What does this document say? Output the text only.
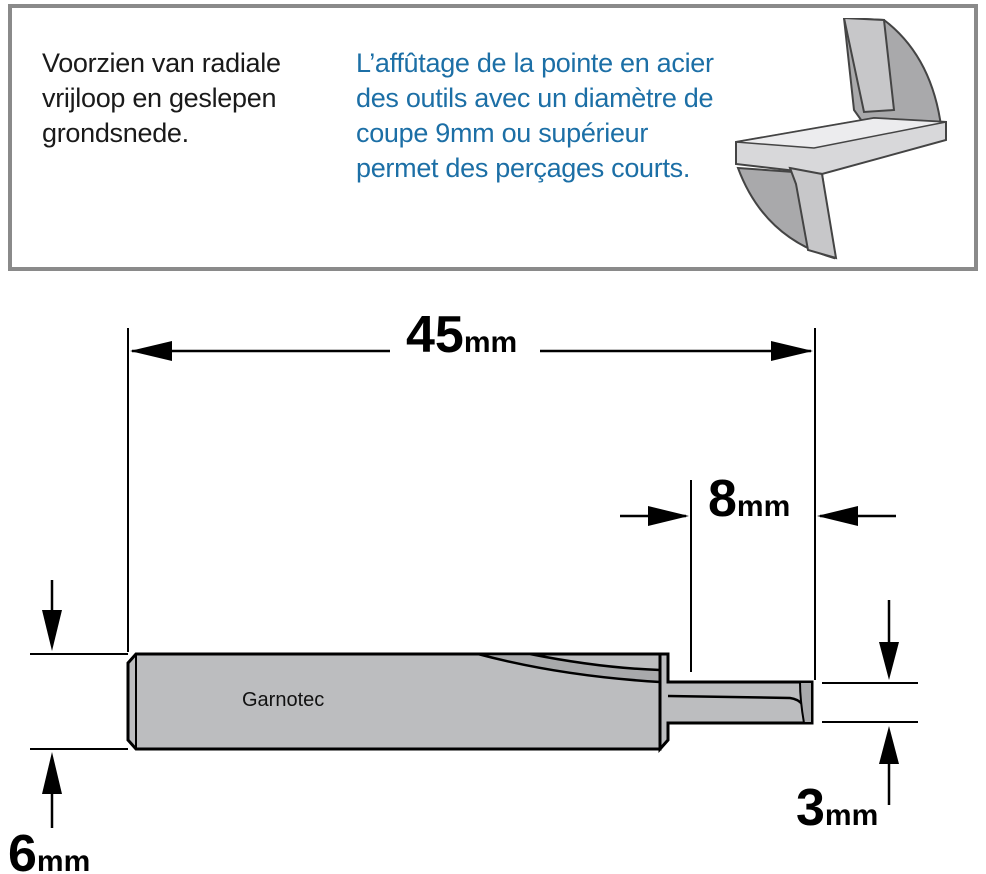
Voorzien van radiale vrijloop en geslepen grondsnede.
L’affûtage de la pointe en acier des outils avec un diamètre de coupe 9mm ou supérieur permet des perçages courts.
45mm
8mm
6mm
3mm
Garnotec
